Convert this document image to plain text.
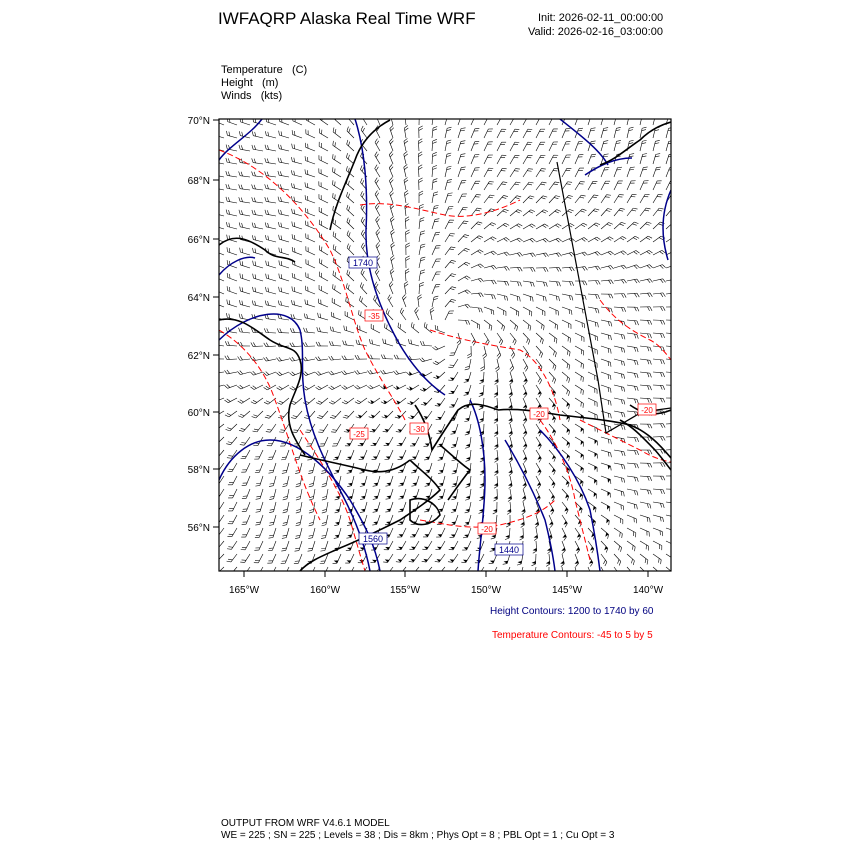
IWFAQRP Alaska Real Time WRF	Init: 2026-02-11_00:00:00
Valid: 2026-02-16_03:00:00
Temperature (C)
Height (m)
Winds (kts)
1740
1560
1440
-35
-25
-30
-20
-20	-20
70°N
68°N
66°N
64°N
62°N
60°N
58°N
56°N
165°W	160°W	155°W	150°W	145°W	140°W
Height Contours: 1200 to 1740 by 60
Temperature Contours: -45 to 5 by 5
OUTPUT FROM WRF V4.6.1 MODEL
WE = 225 ; SN = 225 ; Levels = 38 ; Dis = 8km ; Phys Opt = 8 ; PBL Opt = 1 ; Cu Opt = 3
